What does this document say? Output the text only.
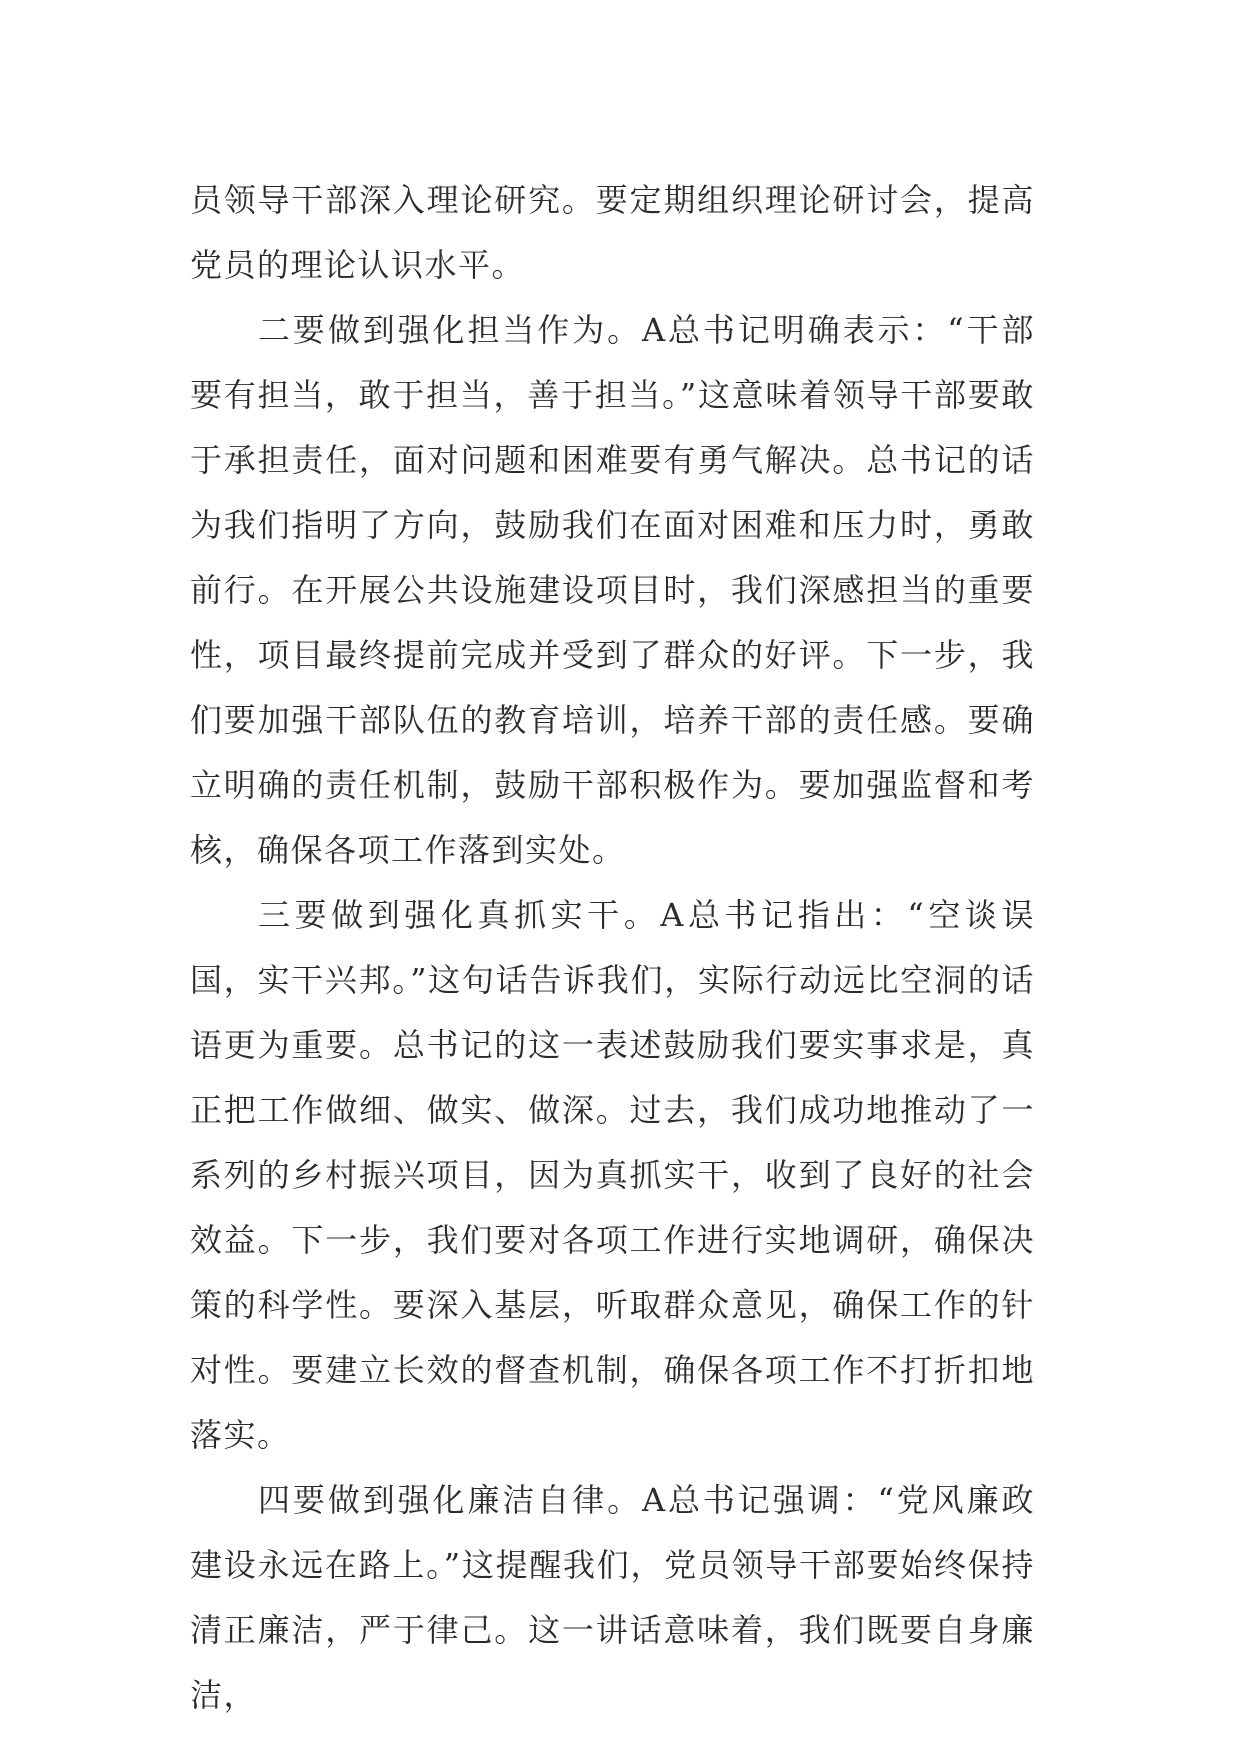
员领导干部深入理论研究。要定期组织理论研讨会，提高党员的理论认识水平。

二要做到强化担当作为。A总书记明确表示：“干部要有担当，敢于担当，善于担当。”这意味着领导干部要敢于承担责任，面对问题和困难要有勇气解决。总书记的话为我们指明了方向，鼓励我们在面对困难和压力时，勇敢前行。在开展公共设施建设项目时，我们深感担当的重要性，项目最终提前完成并受到了群众的好评。下一步，我们要加强干部队伍的教育培训，培养干部的责任感。要确立明确的责任机制，鼓励干部积极作为。要加强监督和考核，确保各项工作落到实处。

三要做到强化真抓实干。A总书记指出：“空谈误国，实干兴邦。”这句话告诉我们，实际行动远比空洞的话语更为重要。总书记的这一表述鼓励我们要实事求是，真正把工作做细、做实、做深。过去，我们成功地推动了一系列的乡村振兴项目，因为真抓实干，收到了良好的社会效益。下一步，我们要对各项工作进行实地调研，确保决策的科学性。要深入基层，听取群众意见，确保工作的针对性。要建立长效的督查机制，确保各项工作不打折扣地落实。

四要做到强化廉洁自律。A总书记强调：“党风廉政建设永远在路上。”这提醒我们，党员领导干部要始终保持清正廉洁，严于律己。这一讲话意味着，我们既要自身廉洁，
